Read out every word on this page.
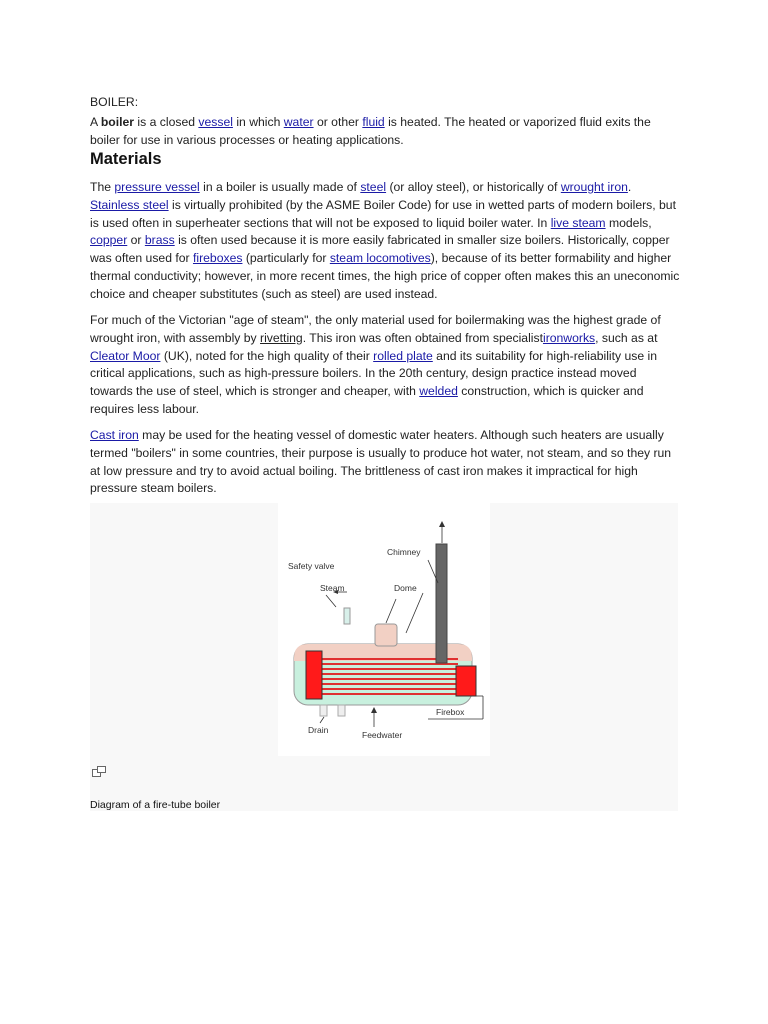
BOILER:

A boiler is a closed vessel in which water or other fluid is heated. The heated or vaporized fluid exits the boiler for use in various processes or heating applications.

Materials

The pressure vessel in a boiler is usually made of steel (or alloy steel), or historically of wrought iron. Stainless steel is virtually prohibited (by the ASME Boiler Code) for use in wetted parts of modern boilers, but is used often in superheater sections that will not be exposed to liquid boiler water. In live steam models, copper or brass is often used because it is more easily fabricated in smaller size boilers. Historically, copper was often used for fireboxes (particularly for steam locomotives), because of its better formability and higher thermal conductivity; however, in more recent times, the high price of copper often makes this an uneconomic choice and cheaper substitutes (such as steel) are used instead.

For much of the Victorian "age of steam", the only material used for boilermaking was the highest grade of wrought iron, with assembly by rivetting. This iron was often obtained from specialistironworks, such as at Cleator Moor (UK), noted for the high quality of their rolled plate and its suitability for high-reliability use in critical applications, such as high-pressure boilers. In the 20th century, design practice instead moved towards the use of steel, which is stronger and cheaper, with welded construction, which is quicker and requires less labour.

Cast iron may be used for the heating vessel of domestic water heaters. Although such heaters are usually termed "boilers" in some countries, their purpose is usually to produce hot water, not steam, and so they run at low pressure and try to avoid actual boiling. The brittleness of cast iron makes it impractical for high pressure steam boilers.

Chimney
Safety valve
Steam	Dome
Firebox
Drain	Feedwater
Diagram of a fire-tube boiler
